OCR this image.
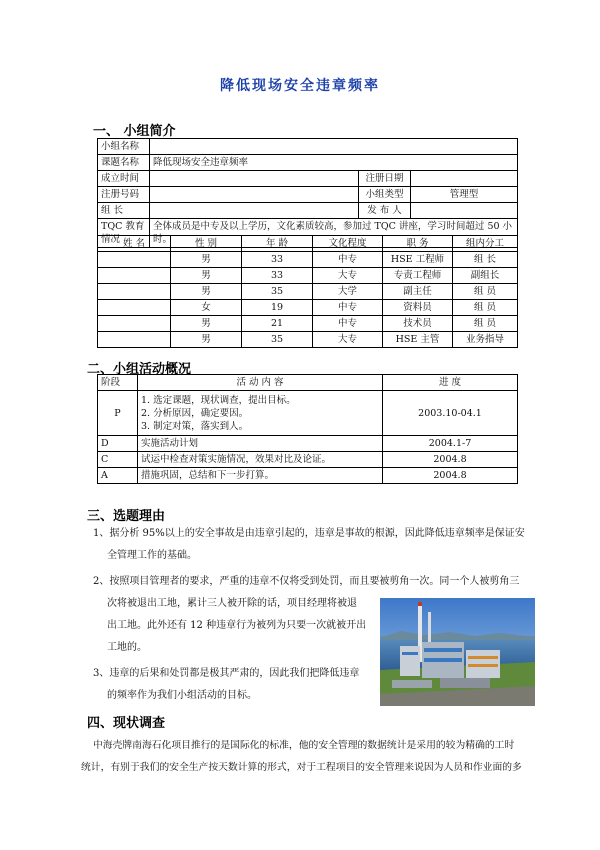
降低现场安全违章频率
一、 小组简介
小组名称			
课题名称	降低现场安全违章频率		
成立时间		注册日期	
注册号码		小组类型	管理型
组 长		发 布 人	
TQC 教育情况	全体成员是中专及以上学历，文化素质较高，参加过 TQC 讲座，学习时间超过 50 小时。		
姓 名	性 别	年 龄	文化程度	职 务	组内分工
	男	33	中专	HSE 工程师	组 长
	男	33	大专	专责工程师	副组长
	男	35	大学	副主任	组 员
	女	19	中专	资料员	组 员
	男	21	中专	技术员	组 员
	男	35	大专	HSE 主管	业务指导
二、小组活动概况
阶段	活 动 内 容	进 度
P	1. 选定课题，现状调查，提出目标。
2. 分析原因，确定要因。
3. 制定对策，落实到人。	2003.10-04.1
D	实施活动计划	2004.1-7
C	试运中检查对策实施情况，效果对比及论证。	2004.8
A	措施巩固，总结和下一步打算。	2004.8
三、选题理由
1、据分析 95%以上的安全事故是由违章引起的，违章是事故的根源，因此降低违章频率是保证安
全管理工作的基础。
2、按照项目管理者的要求，严重的违章不仅将受到处罚，而且要被剪角一次。同一个人被剪角三
次将被退出工地，累计三人被开除的话，项目经理将被退
出工地。此外还有 12 种违章行为被列为只要一次就被开出
工地的。
3、违章的后果和处罚都是极其严肃的，因此我们把降低违章
的频率作为我们小组活动的目标。
四、现状调查
中海壳牌南海石化项目推行的是国际化的标准，他的安全管理的数据统计是采用的较为精确的工时
统计，有别于我们的安全生产按天数计算的形式，对于工程项目的安全管理来说因为人员和作业面的多
